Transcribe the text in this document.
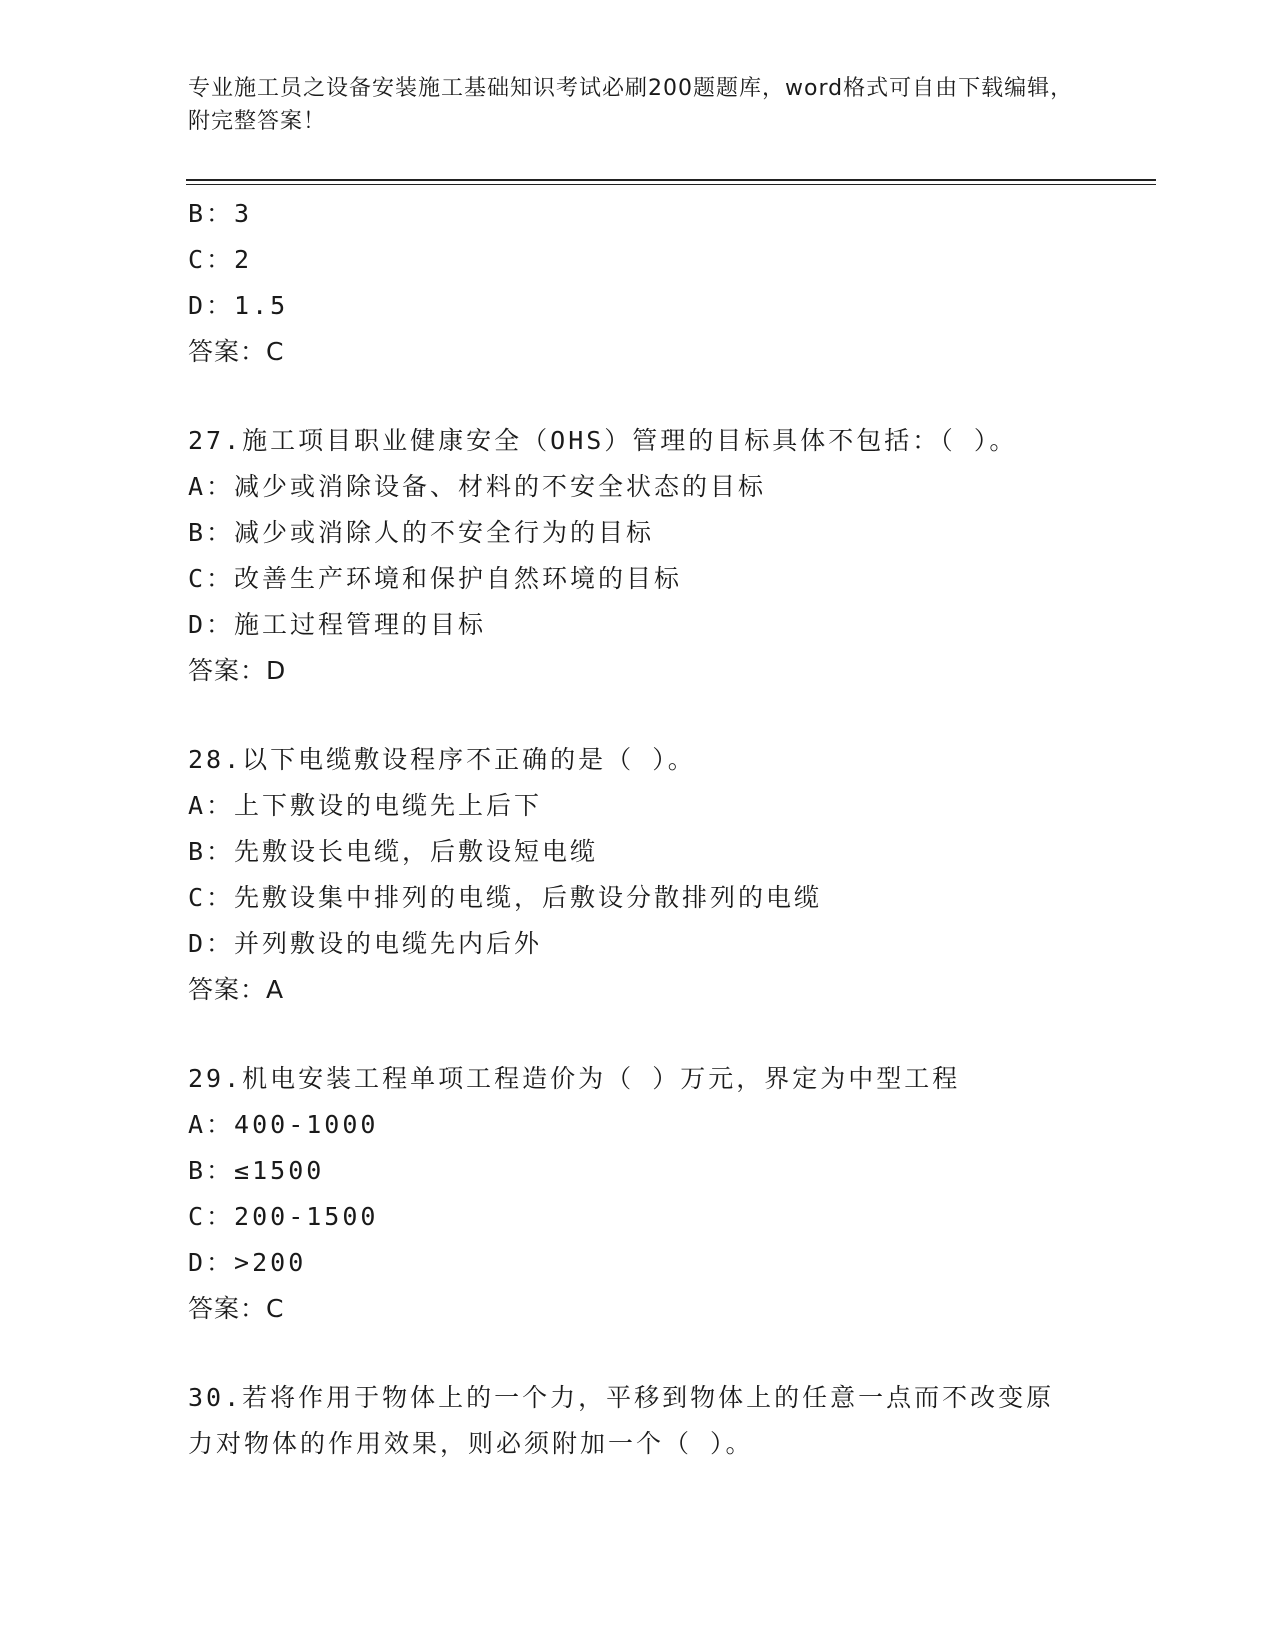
专业施工员之设备安装施工基础知识考试必刷200题题库，word格式可自由下载编辑，附完整答案！
B：3
C：2
D：1.5
答案：C
27.施工项目职业健康安全（OHS）管理的目标具体不包括：（ ）。
A：减少或消除设备、材料的不安全状态的目标
B：减少或消除人的不安全行为的目标
C：改善生产环境和保护自然环境的目标
D：施工过程管理的目标
答案：D
28.以下电缆敷设程序不正确的是（ ）。
A：上下敷设的电缆先上后下
B：先敷设长电缆，后敷设短电缆
C：先敷设集中排列的电缆，后敷设分散排列的电缆
D：并列敷设的电缆先内后外
答案：A
29.机电安装工程单项工程造价为（ ）万元，界定为中型工程
A：400-1000
B：≤1500
C：200-1500
D：>200
答案：C
30.若将作用于物体上的一个力，平移到物体上的任意一点而不改变原
力对物体的作用效果，则必须附加一个（ ）。
